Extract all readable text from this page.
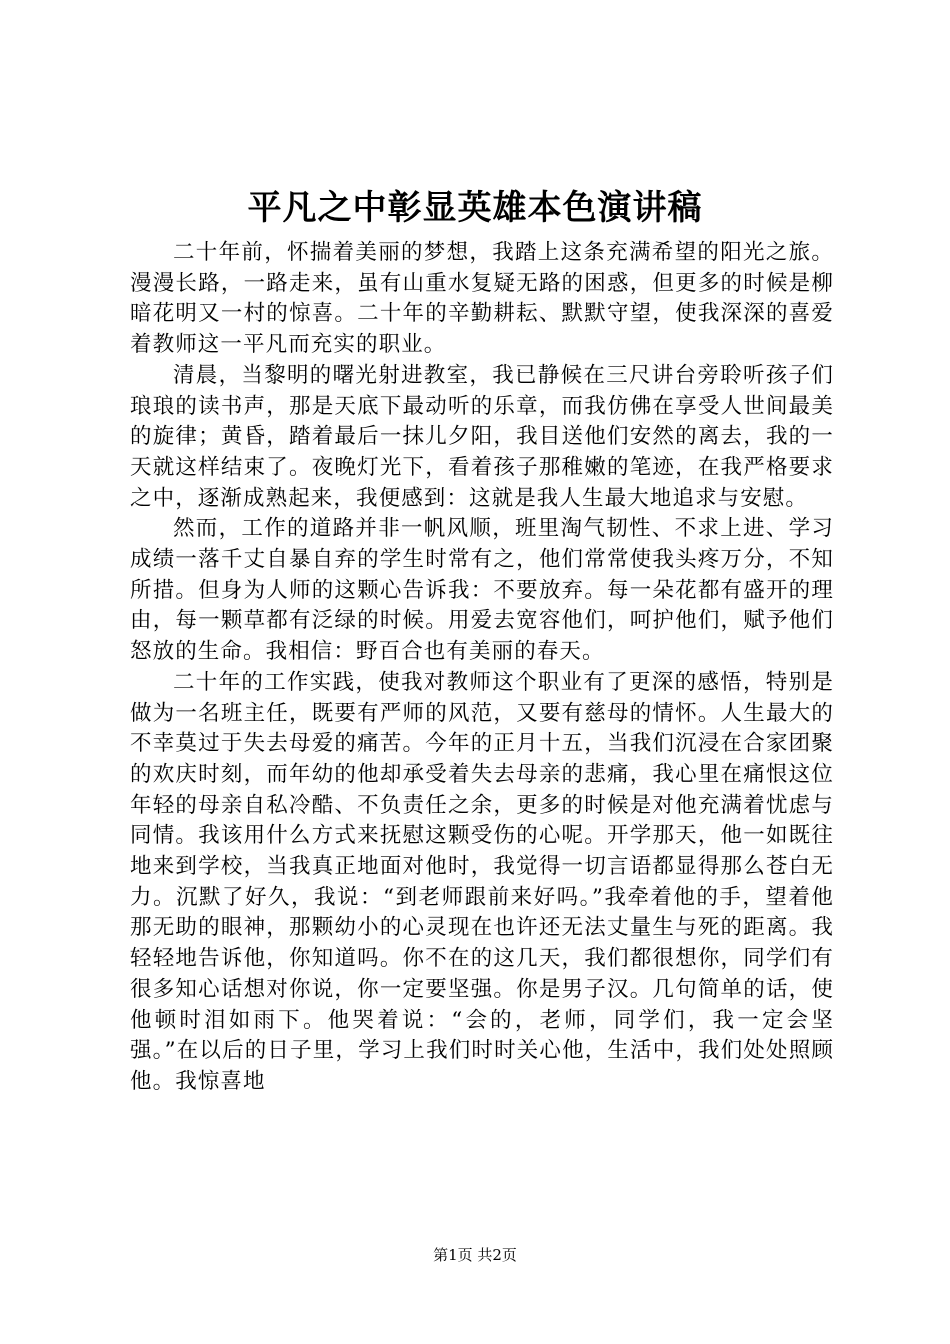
平凡之中彰显英雄本色演讲稿

二十年前，怀揣着美丽的梦想，我踏上这条充满希望的阳光之旅。漫漫长路，一路走来，虽有山重水复疑无路的困惑，但更多的时候是柳暗花明又一村的惊喜。二十年的辛勤耕耘、默默守望，使我深深的喜爱着教师这一平凡而充实的职业。

清晨，当黎明的曙光射进教室，我已静候在三尺讲台旁聆听孩子们琅琅的读书声，那是天底下最动听的乐章，而我仿佛在享受人世间最美的旋律；黄昏，踏着最后一抹儿夕阳，我目送他们安然的离去，我的一天就这样结束了。夜晚灯光下，看着孩子那稚嫩的笔迹，在我严格要求之中，逐渐成熟起来，我便感到：这就是我人生最大地追求与安慰。

然而，工作的道路并非一帆风顺，班里淘气韧性、不求上进、学习成绩一落千丈自暴自弃的学生时常有之，他们常常使我头疼万分，不知所措。但身为人师的这颗心告诉我：不要放弃。每一朵花都有盛开的理由，每一颗草都有泛绿的时候。用爱去宽容他们，呵护他们，赋予他们怒放的生命。我相信：野百合也有美丽的春天。

二十年的工作实践，使我对教师这个职业有了更深的感悟，特别是做为一名班主任，既要有严师的风范，又要有慈母的情怀。人生最大的不幸莫过于失去母爱的痛苦。今年的正月十五，当我们沉浸在合家团聚的欢庆时刻，而年幼的他却承受着失去母亲的悲痛，我心里在痛恨这位年轻的母亲自私冷酷、不负责任之余，更多的时候是对他充满着忧虑与同情。我该用什么方式来抚慰这颗受伤的心呢。开学那天，他一如既往地来到学校，当我真正地面对他时，我觉得一切言语都显得那么苍白无力。沉默了好久，我说：“到老师跟前来好吗。”我牵着他的手，望着他那无助的眼神，那颗幼小的心灵现在也许还无法丈量生与死的距离。我轻轻地告诉他，你知道吗。你不在的这几天，我们都很想你，同学们有很多知心话想对你说，你一定要坚强。你是男子汉。几句简单的话，使他顿时泪如雨下。他哭着说：“会的，老师，同学们，我一定会坚强。”在以后的日子里，学习上我们时时关心他，生活中，我们处处照顾他。我惊喜地

第1页 共2页
